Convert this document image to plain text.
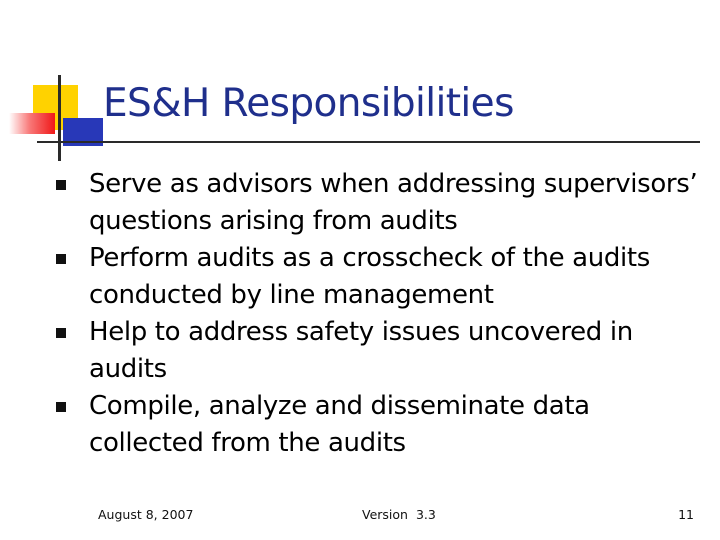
ES&H Responsibilities
Serve as advisors when addressing supervisors’ questions arising from audits
Perform audits as a crosscheck of the audits conducted by line management
Help to address safety issues uncovered in audits
Compile, analyze and disseminate data collected from the audits
August 8, 2007	Version 3.3	11
